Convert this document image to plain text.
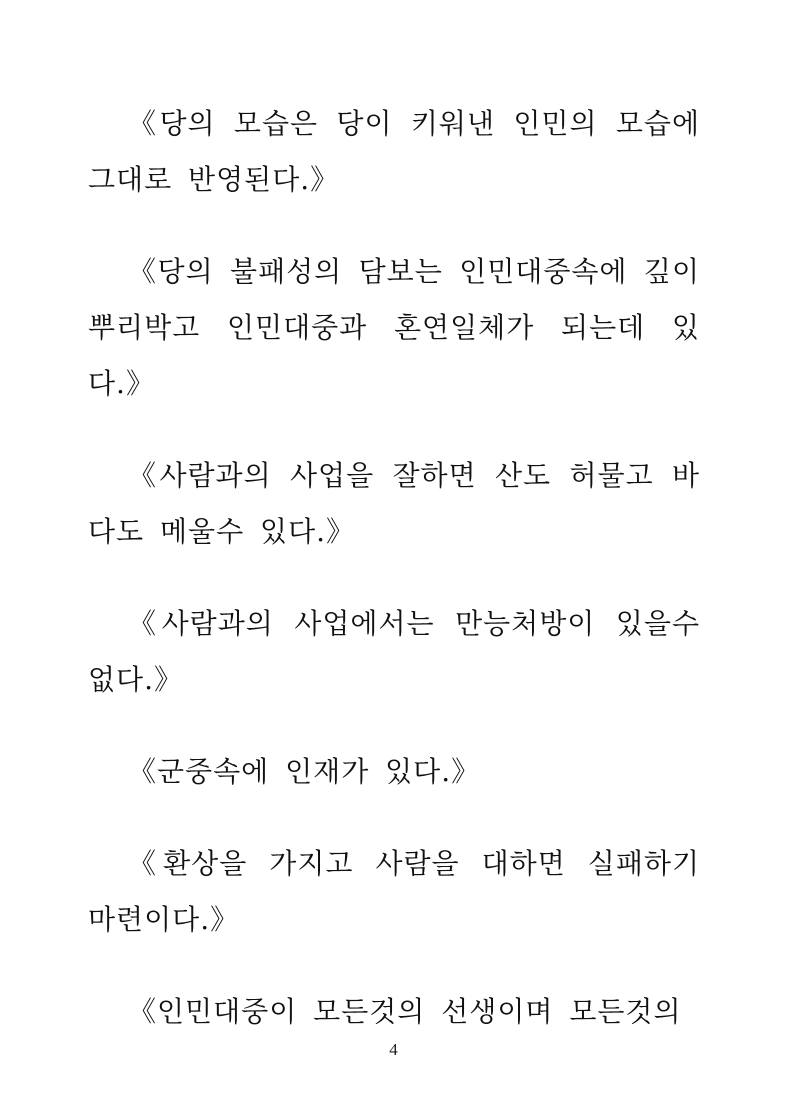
《당의 모습은 당이 키워낸 인민의 모습에 그대로 반영된다.》

《당의 불패성의 담보는 인민대중속에 깊이 뿌리박고 인민대중과 혼연일체가 되는데 있다.》

《사람과의 사업을 잘하면 산도 허물고 바다도 메울수 있다.》

《사람과의 사업에서는 만능처방이 있을수 없다.》

《군중속에 인재가 있다.》

《환상을 가지고 사람을 대하면 실패하기 마련이다.》

《인민대중이 모든것의 선생이며 모든것의

4
